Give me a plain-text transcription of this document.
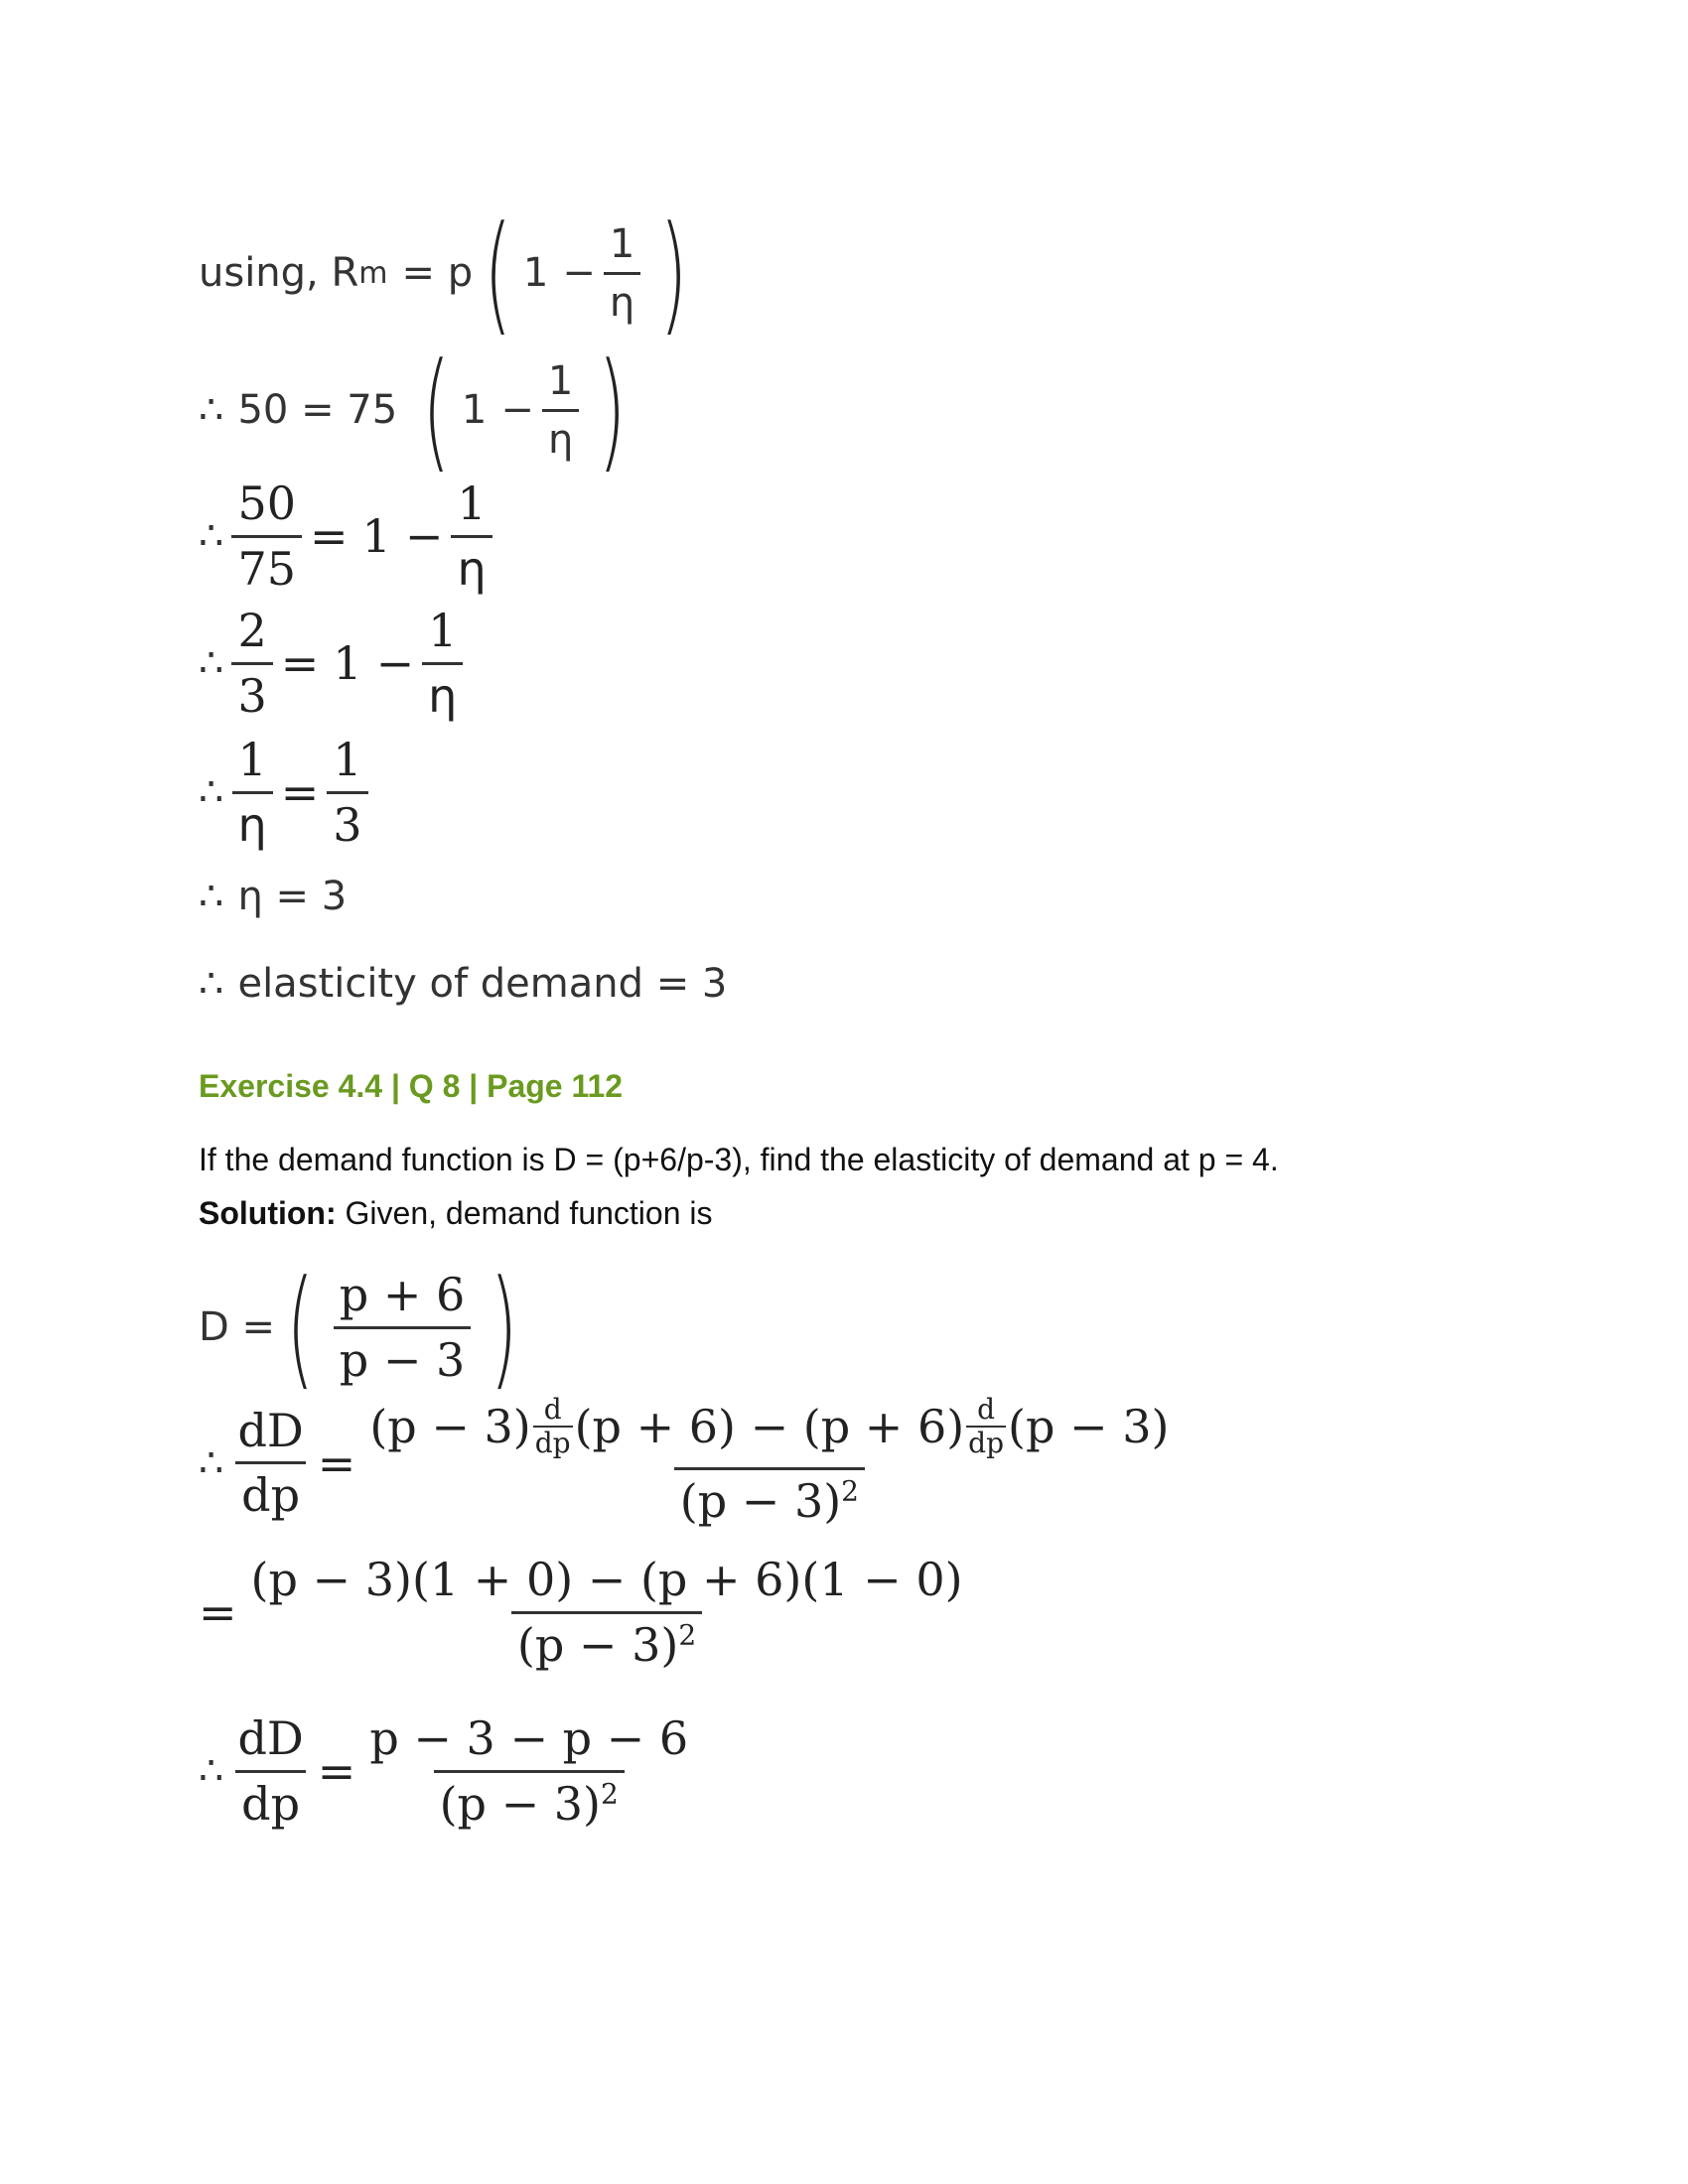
using, R m = p ( $1 - \frac{1}{\eta}$ )
∴ 50 = 75 ( $1 - \frac{1}{\eta}$ )
∴ $\frac{50}{75} = 1 - \frac{1}{\eta}$
∴ $\frac{2}{3} = 1 - \frac{1}{\eta}$
∴ $\frac{1}{\eta} = \frac{1}{3}$
∴ η = 3
∴ elasticity of demand = 3
Exercise 4.4 | Q 8 | Page 112
If the demand function is D = (p+6/p-3), find the elasticity of demand at p = 4.
Solution: Given, demand function is
D = ( $\frac{p + 6}{p - 3}$ )
∴ $\frac{dD}{dp} = \frac{(p - 3) \frac{d}{dp} (p + 6) - (p + 6) \frac{d}{dp} (p - 3)}{(p - 3)^2}$
= $\frac{(p - 3)(1 + 0) - (p + 6)(1 - 0)}{(p - 3)^2}$
∴ $\frac{dD}{dp} = \frac{p - 3 - p - 6}{(p - 3)^2}$
